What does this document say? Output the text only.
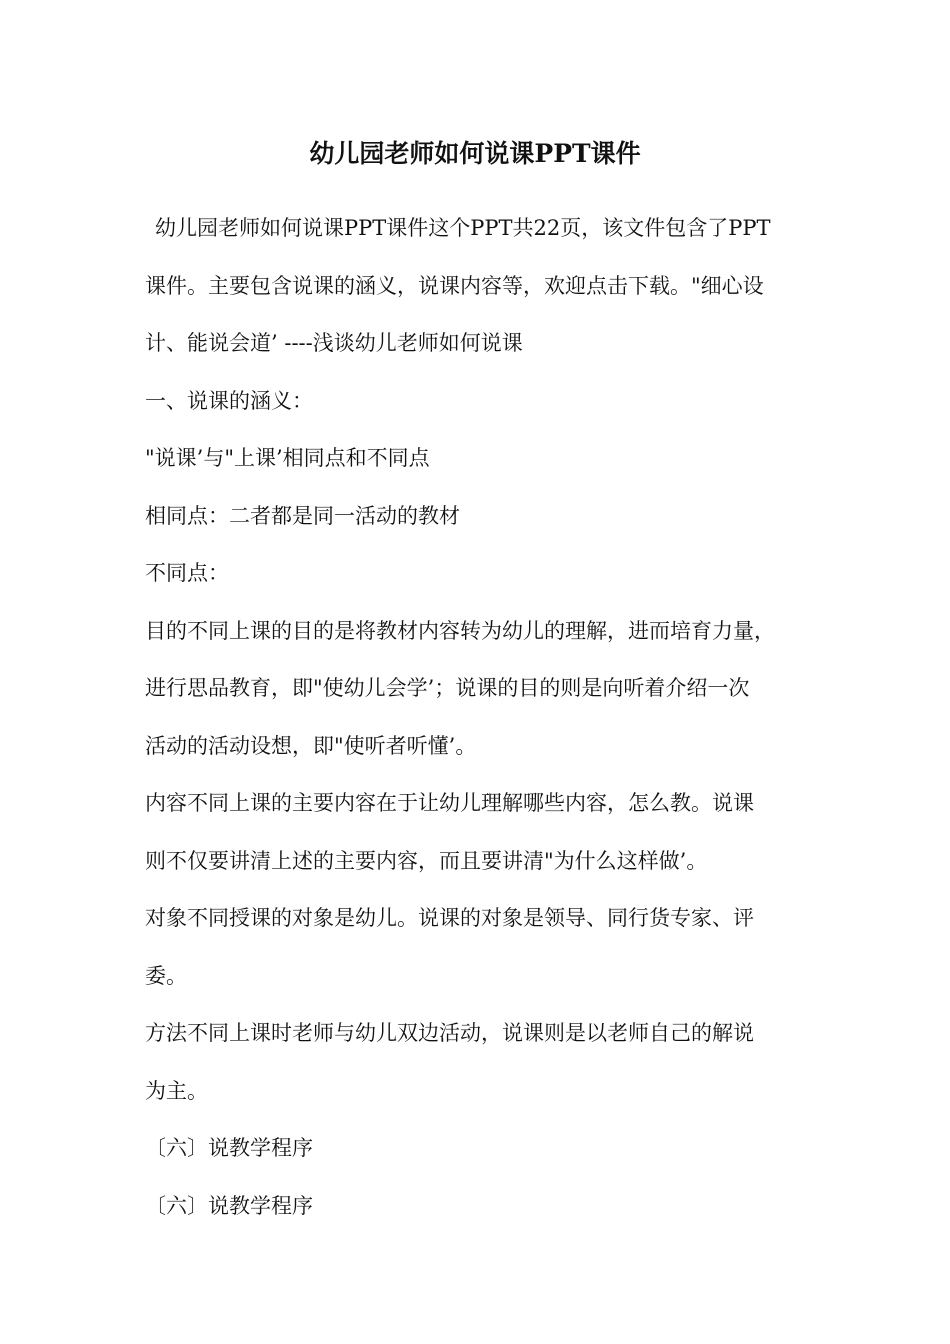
幼儿园老师如何说课PPT课件
幼儿园老师如何说课PPT课件这个PPT共22页，该文件包含了PPT
课件。主要包含说课的涵义，说课内容等，欢迎点击下载。"细心设
计、能说会道’ ----浅谈幼儿老师如何说课
一、说课的涵义：
"说课’与"上课’相同点和不同点
相同点：二者都是同一活动的教材
不同点：
目的不同上课的目的是将教材内容转为幼儿的理解，进而培育力量，
进行思品教育，即"使幼儿会学’；说课的目的则是向听着介绍一次
活动的活动设想，即"使听者听懂’。
内容不同上课的主要内容在于让幼儿理解哪些内容，怎么教。说课
则不仅要讲清上述的主要内容，而且要讲清"为什么这样做’。
对象不同授课的对象是幼儿。说课的对象是领导、同行货专家、评
委。
方法不同上课时老师与幼儿双边活动，说课则是以老师自己的解说
为主。
〔六〕说教学程序
〔六〕说教学程序
